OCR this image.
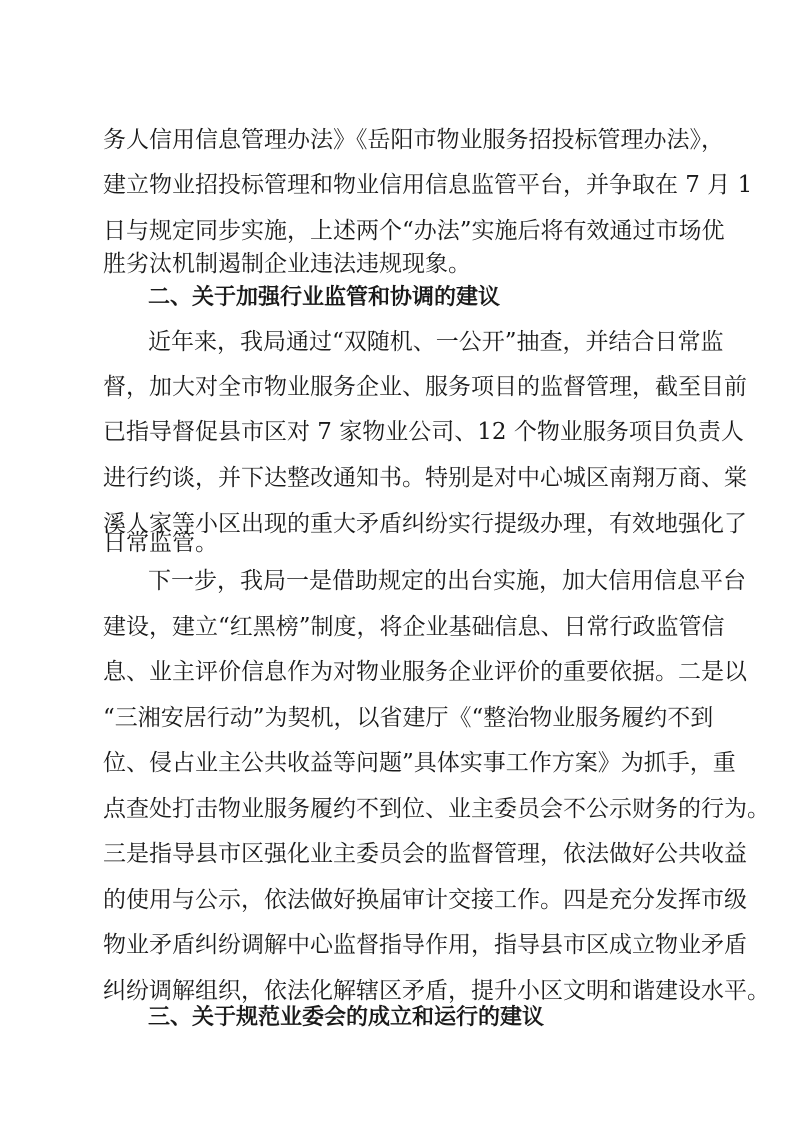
务人信用信息管理办法》《岳阳市物业服务招投标管理办法》，
建立物业招投标管理和物业信用信息监管平台，并争取在 7 月 1
日与规定同步实施，上述两个“办法”实施后将有效通过市场优
胜劣汰机制遏制企业违法违规现象。
二、关于加强行业监管和协调的建议
近年来，我局通过“双随机、一公开”抽查，并结合日常监
督，加大对全市物业服务企业、服务项目的监督管理，截至目前
已指导督促县市区对 7 家物业公司、12 个物业服务项目负责人
进行约谈，并下达整改通知书。特别是对中心城区南翔万商、棠
溪人家等小区出现的重大矛盾纠纷实行提级办理，有效地强化了
日常监管。
下一步，我局一是借助规定的出台实施，加大信用信息平台
建设，建立“红黑榜”制度，将企业基础信息、日常行政监管信
息、业主评价信息作为对物业服务企业评价的重要依据。二是以
“三湘安居行动”为契机，以省建厅《“整治物业服务履约不到
位、侵占业主公共收益等问题”具体实事工作方案》为抓手，重
点查处打击物业服务履约不到位、业主委员会不公示财务的行为。
三是指导县市区强化业主委员会的监督管理，依法做好公共收益
的使用与公示，依法做好换届审计交接工作。四是充分发挥市级
物业矛盾纠纷调解中心监督指导作用，指导县市区成立物业矛盾
纠纷调解组织，依法化解辖区矛盾，提升小区文明和谐建设水平。
三、关于规范业委会的成立和运行的建议
